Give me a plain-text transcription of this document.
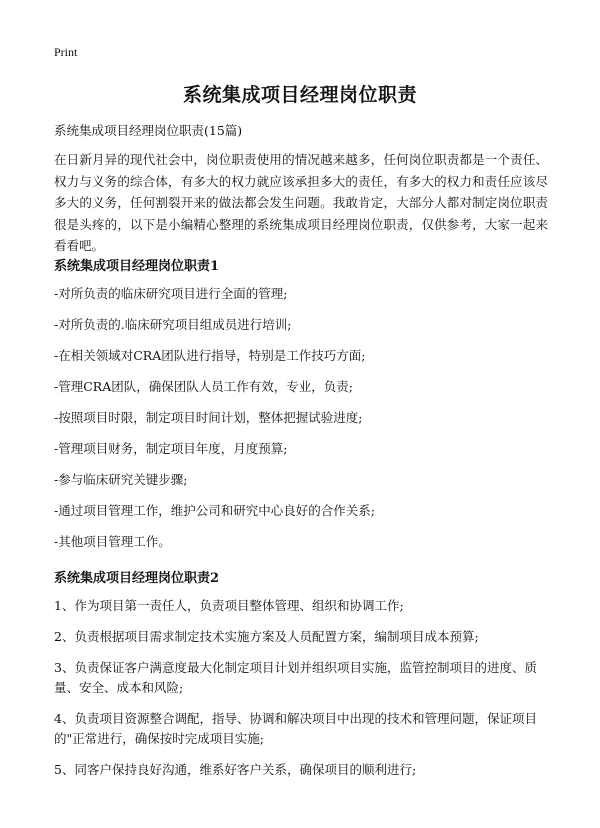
Print
系统集成项目经理岗位职责
系统集成项目经理岗位职责(15篇)
在日新月异的现代社会中，岗位职责使用的情况越来越多，任何岗位职责都是一个责任、权力与义务的综合体，有多大的权力就应该承担多大的责任，有多大的权力和责任应该尽多大的义务，任何割裂开来的做法都会发生问题。我敢肯定，大部分人都对制定岗位职责很是头疼的，以下是小编精心整理的系统集成项目经理岗位职责，仅供参考，大家一起来看看吧。
系统集成项目经理岗位职责1
-对所负责的临床研究项目进行全面的管理;
-对所负责的.临床研究项目组成员进行培训;
-在相关领域对CRA团队进行指导，特别是工作技巧方面;
-管理CRA团队，确保团队人员工作有效，专业，负责;
-按照项目时限，制定项目时间计划，整体把握试验进度;
-管理项目财务，制定项目年度，月度预算;
-参与临床研究关键步骤;
-通过项目管理工作，维护公司和研究中心良好的合作关系;
-其他项目管理工作。
系统集成项目经理岗位职责2
1、作为项目第一责任人，负责项目整体管理、组织和协调工作;
2、负责根据项目需求制定技术实施方案及人员配置方案，编制项目成本预算;
3、负责保证客户满意度最大化制定项目计划并组织项目实施，监管控制项目的进度、质量、安全、成本和风险;
4、负责项目资源整合调配，指导、协调和解决项目中出现的技术和管理问题，保证项目的"正常进行，确保按时完成项目实施;
5、同客户保持良好沟通，维系好客户关系，确保项目的顺利进行;
